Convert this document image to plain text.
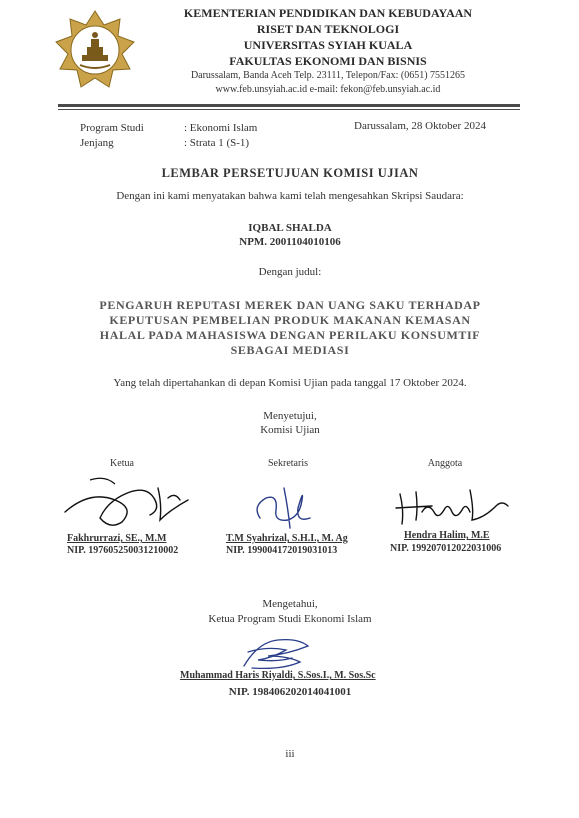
KEMENTERIAN PENDIDIKAN DAN KEBUDAYAAN
RISET DAN TEKNOLOGI
UNIVERSITAS SYIAH KUALA
FAKULTAS EKONOMI DAN BISNIS
Darussalam, Banda Aceh Telp. 23111, Telepon/Fax: (0651) 7551265
www.feb.unsyiah.ac.id e-mail: fekon@feb.unsyiah.ac.id
Program Studi	: Ekonomi Islam
Jenjang	: Strata 1 (S-1)
Darussalam, 28 Oktober 2024
LEMBAR PERSETUJUAN KOMISI UJIAN
Dengan ini kami menyatakan bahwa kami telah mengesahkan Skripsi Saudara:
IQBAL SHALDA
NPM. 2001104010106
Dengan judul:
PENGARUH REPUTASI MEREK DAN UANG SAKU TERHADAP
KEPUTUSAN PEMBELIAN PRODUK MAKANAN KEMASAN
HALAL PADA MAHASISWA DENGAN PERILAKU KONSUMTIF
SEBAGAI MEDIASI
Yang telah dipertahankan di depan Komisi Ujian pada tanggal 17 Oktober 2024.
Menyetujui,
Komisi Ujian
Ketua	Sekretaris	Anggota
Fakhrurrazi, SE., M.M
NIP. 197605250031210002
T.M Syahrizal, S.H.I., M. Ag
NIP. 199004172019031013
Hendra Halim, M.E
NIP. 199207012022031006
Mengetahui,
Ketua Program Studi Ekonomi Islam
Muhammad Haris Riyaldi, S.Sos.I., M. Sos.Sc
NIP. 198406202014041001
iii
